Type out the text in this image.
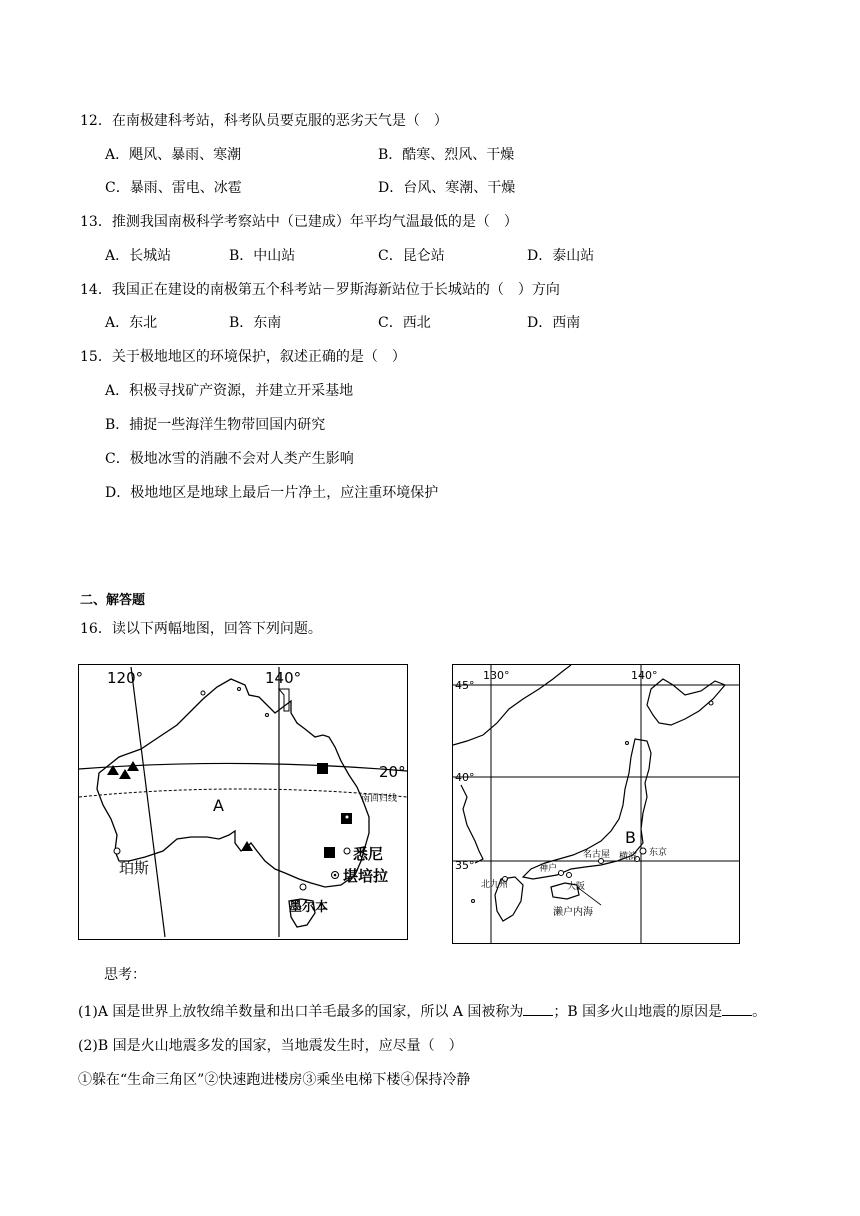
12．在南极建科考站，科考队员要克服的恶劣天气是（　）
A．飓风、暴雨、寒潮	B．酷寒、烈风、干燥
C．暴雨、雷电、冰雹	D．台风、寒潮、干燥
13．推测我国南极科学考察站中（已建成）年平均气温最低的是（　）
A．长城站	B．中山站	C．昆仑站	D．泰山站
14．我国正在建设的南极第五个科考站－罗斯海新站位于长城站的（　）方向
A．东北	B．东南	C．西北	D．西南
15．关于极地地区的环境保护，叙述正确的是（　）
A．积极寻找矿产资源，并建立开采基地
B．捕捉一些海洋生物带回国内研究
C．极地冰雪的消融不会对人类产生影响
D．极地地区是地球上最后一片净土，应注重环境保护
二、解答题
16．读以下两幅地图，回答下列问题。
120°	140°
20°
南回归线
A
珀斯
悉尼
堪培拉
墨尔本
130°	140°
45°
40°
35°
B
东京
横滨
名古屋
神户
大阪
北九州
濑户内海
思考：
(1)A 国是世界上放牧绵羊数量和出口羊毛最多的国家，所以 A 国被称为 ；B 国多火山地震的原因是 。
(2)B 国是火山地震多发的国家，当地震发生时，应尽量（　）
①躲在“生命三角区”②快速跑进楼房③乘坐电梯下楼④保持冷静
